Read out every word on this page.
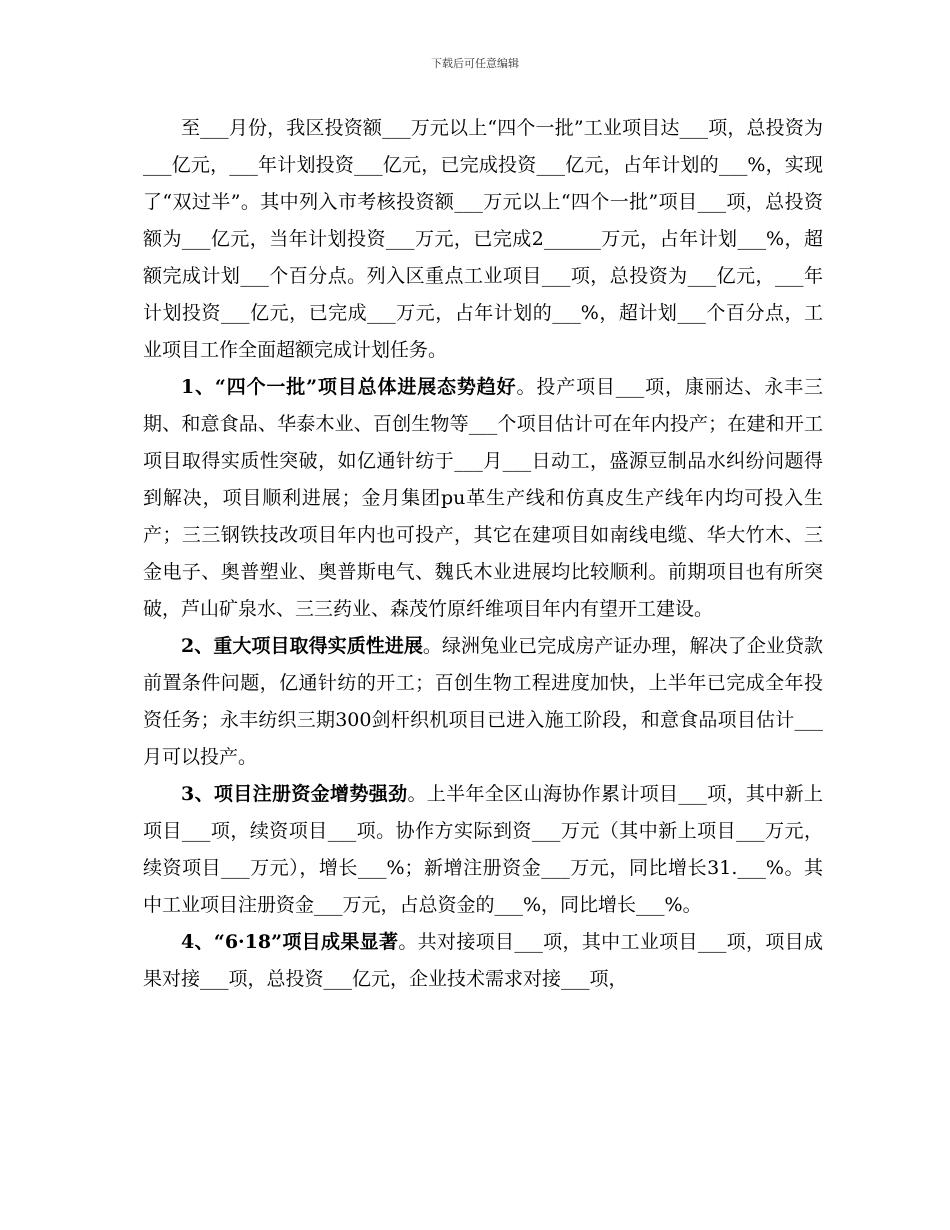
下载后可任意编辑

至___月份，我区投资额___万元以上“四个一批”工业项目达___项，总投资为___亿元，___年计划投资___亿元，已完成投资___亿元，占年计划的___%，实现了“双过半”。其中列入市考核投资额___万元以上“四个一批”项目___项，总投资额为___亿元，当年计划投资___万元，已完成2______万元，占年计划___%，超额完成计划___个百分点。列入区重点工业项目___项，总投资为___亿元，___年计划投资___亿元，已完成___万元，占年计划的___%，超计划___个百分点，工业项目工作全面超额完成计划任务。

1、“四个一批”项目总体进展态势趋好。投产项目___项，康丽达、永丰三期、和意食品、华泰木业、百创生物等___个项目估计可在年内投产；在建和开工项目取得实质性突破，如亿通针纺于___月___日动工，盛源豆制品水纠纷问题得到解决，项目顺利进展；金月集团pu革生产线和仿真皮生产线年内均可投入生产；三三钢铁技改项目年内也可投产，其它在建项目如南线电缆、华大竹木、三金电子、奥普塑业、奥普斯电气、魏氏木业进展均比较顺利。前期项目也有所突破，芦山矿泉水、三三药业、森茂竹原纤维项目年内有望开工建设。

2、重大项目取得实质性进展。绿洲兔业已完成房产证办理，解决了企业贷款前置条件问题，亿通针纺的开工；百创生物工程进度加快，上半年已完成全年投资任务；永丰纺织三期300剑杆织机项目已进入施工阶段，和意食品项目估计___月可以投产。

3、项目注册资金增势强劲。上半年全区山海协作累计项目___项，其中新上项目___项，续资项目___项。协作方实际到资___万元（其中新上项目___万元，续资项目___万元），增长___%；新增注册资金___万元，同比增长31.___%。其中工业项目注册资金___万元，占总资金的___%，同比增长___%。

4、“6·18”项目成果显著。共对接项目___项，其中工业项目___项，项目成果对接___项，总投资___亿元，企业技术需求对接___项，
